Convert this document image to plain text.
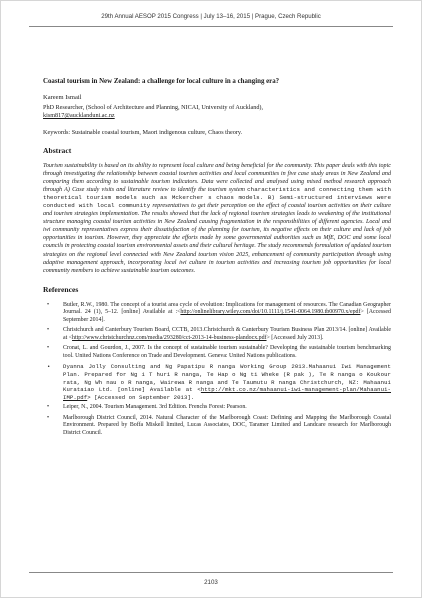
29th Annual AESOP 2015 Congress | July 13–16, 2015 | Prague, Czech Republic

Coastal tourism in New Zealand: a challenge for local culture in a changing era?

Kareem Ismail

PhD Researcher, (School of Architecture and Planning, NICAI, University of Auckland),

kism817@aucklanduni.ac.nz

Keywords: Sustainable coastal tourism, Maori indigenous culture, Chaos theory.

Abstract

Tourism sustainability is based on its ability to represent local culture and being beneficial for the community. This paper deals with this topic through investigating the relationship between coastal tourism activities and local communities in five case study areas in New Zealand and comparing them according to sustainable tourism indicators. Data were collected and analysed using mixed method research approach through A) Case study visits and literature review to identify the tourism system characteristics and connecting them with theoretical tourism models such as Mckercher s chaos models. B) Semi-structured interviews were conducted with local community representatives to get their perception on the effect of coastal tourism activities on their culture and tourism strategies implementation. The results showed that the lack of regional tourism strategies leads to weakening of the institutional structure managing coastal tourism activities in New Zealand causing fragmentation in the responsibilities of different agencies. Local and iwi community representatives express their dissatisfaction of the planning for tourism, its negative effects on their culture and lack of job opportunities in tourism. However, they appreciate the efforts made by some governmental authorities such as MfE, DOC and some local councils in protecting coastal tourism environmental assets and their cultural heritage. The study recommends formulation of updated tourism strategies on the regional level connected with New Zealand tourism vision 2025, enhancement of community participation through using adaptive management approach, incorporating local iwi culture in tourism activities and increasing tourism job opportunities for local community members to achieve sustainable tourism outcomes.

References
• Butler, R.W., 1980. The concept of a tourist area cycle of evolution: Implications for management of resources. The Canadian Geographer Journal. 24 (1), 5–12. [online] Available at :<http://onlinelibrary.wiley.com/doi/10.1111/j.1541-0064.1980.tb00970.x/epdf> [Accessed September 2014].
• Christchurch and Canterbury Tourism Board, CCTB, 2013.Christchurch & Canterbury Tourism Business Plan 2013/14. [online] Available at <http://www.christchurchnz.com/media/293280/cct-2013-14-business-plandocx.pdf> [Accessed July 2013].
• Cronat, L. and Gourdon, J., 2007. Is the concept of sustainable tourism sustainable? Developing the sustainable tourism benchmarking tool. United Nations Conference on Trade and Development. Geneva: United Nations publications.
• Dyanna Jolly Consulting and Ng Papatipu R nanga Working Group 2013.Mahaanui Iwi Management Plan. Prepared for Ng i T huri R nanga, Te Hap o Ng ti Wheke (R pak ), Te R nanga o Koukour rata, Ng Wh nau o R nanga, Wairewa R nanga and Te Taumutu R nanga Christchurch, NZ: Mahaanui Kurataiao Ltd. [online] Available at <http://mkt.co.nz/mahaanui-iwi-management-plan/Mahaanui-IMP.pdf> [Accessed on September 2013].
• Leiper, N., 2004. Tourism Management. 3rd Edition. Frenchs Forest: Pearson.
• Marlborough District Council, 2014. Natural Character of the Marlborough Coast: Defining and Mapping the Marlborough Coastal Environment. Prepared by Boffa Miskell limited, Lucas Associates, DOC, Taramer Limited and Landcare research for Marlborough District Council.
2103
